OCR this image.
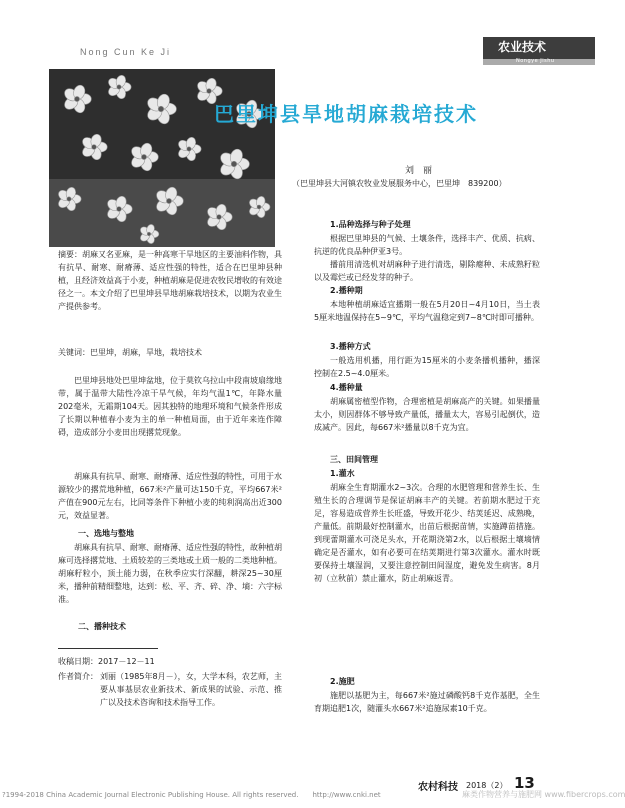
Nong Cun Ke Ji	农业技术
Nongye Jishu
巴里坤县旱地胡麻栽培技术
刘　丽
（巴里坤县大河镇农牧业发展服务中心，巴里坤　839200）
摘要：胡麻又名亚麻，是一种高寒干旱地区的主要油料作物，具有抗旱、耐寒、耐瘠薄、适应性强的特性，适合在巴里坤县种植，且经济效益高于小麦，种植胡麻是促进农牧民增收的有效途径之一。本文介绍了巴里坤县旱地胡麻栽培技术，以期为农业生产提供参考。
关键词：巴里坤，胡麻，旱地，栽培技术
巴里坤县地处巴里坤盆地，位于莫钦乌拉山中段南坡扇缘地带，属于温带大陆性冷凉干旱气候，年均气温1℃，年降水量202毫米，无霜期104天。因其独特的地理环境和气候条件形成了长期以种植春小麦为主的单一种植局面，由于近年来连作障碍，造成部分小麦田出现撂荒现象。
胡麻具有抗旱、耐寒、耐瘠薄、适应性强的特性，可用于水源较少的撂荒地种植，667米²产量可达150千克，平均667米²产值在900元左右，比同等条件下种植小麦的纯利润高出近300元，效益显著。
一、选地与整地
胡麻具有抗旱、耐寒、耐瘠薄、适应性强的特性，故种植胡麻可选择撂荒地、土质较差的三类地或土质一般的二类地种植。胡麻籽粒小，顶土能力弱，在秋季应实行深翻，耕深25~30厘米，播种前精细整地，达到：松、平、齐、碎、净、墒：六字标准。
二、播种技术
收稿日期：2017－12－11
作者简介： 刘丽（1985年8月－），女，大学本科，农艺师，主要从事基层农业新技术、新成果的试验、示范、推广以及技术咨询和技术指导工作。
1.品种选择与种子处理
根据巴里坤县的气候、土壤条件，选择丰产、优质、抗病、抗逆的优良品种伊亚3号。
播前用清选机对胡麻种子进行清选，剔除瘪种、未成熟籽粒以及霉烂或已经发芽的种子。
2.播种期
本地种植胡麻适宜播期一般在5月20日~4月10日，当土表5厘米地温保持在5~9℃，平均气温稳定到7~8℃时即可播种。
3.播种方式
一般选用机播，用行距为15厘米的小麦条播机播种，播深控制在2.5~4.0厘米。
4.播种量
胡麻属密植型作物，合理密植是胡麻高产的关键。如果播量太小，则因群体不够导致产量低，播量太大，容易引起倒伏，造成减产。因此，每667米²播量以8千克为宜。
三、田间管理
1.灌水
胡麻全生育期灌水2~3次。合理的水肥管理和营养生长、生殖生长的合理调节是保证胡麻丰产的关键。若前期水肥过于充足，容易造成营养生长旺盛，导致开花少、结荚延迟、成熟晚，产量低。前期最好控制灌水，出苗后根据苗情，实施蹲苗措施。到现蕾期灌水可浇足头水，开花期浇第2水，以后根据土壤墒情确定是否灌水，如有必要可在结荚期进行第3次灌水。灌水时既要保持土壤湿润，又要注意控制田间湿度，避免发生病害。8月初（立秋前）禁止灌水，防止胡麻返青。
2.施肥
施肥以基肥为主，每667米²施过磷酸钙8千克作基肥，全生育期追肥1次，随灌头水667米²追施尿素10千克。
农村科技 2018（2） 13
?1994-2018 China Academic Journal Electronic Publishing House. All rights reserved.　　http://www.cnki.net	麻类作物营养与施肥网 www.fibercrops.com
